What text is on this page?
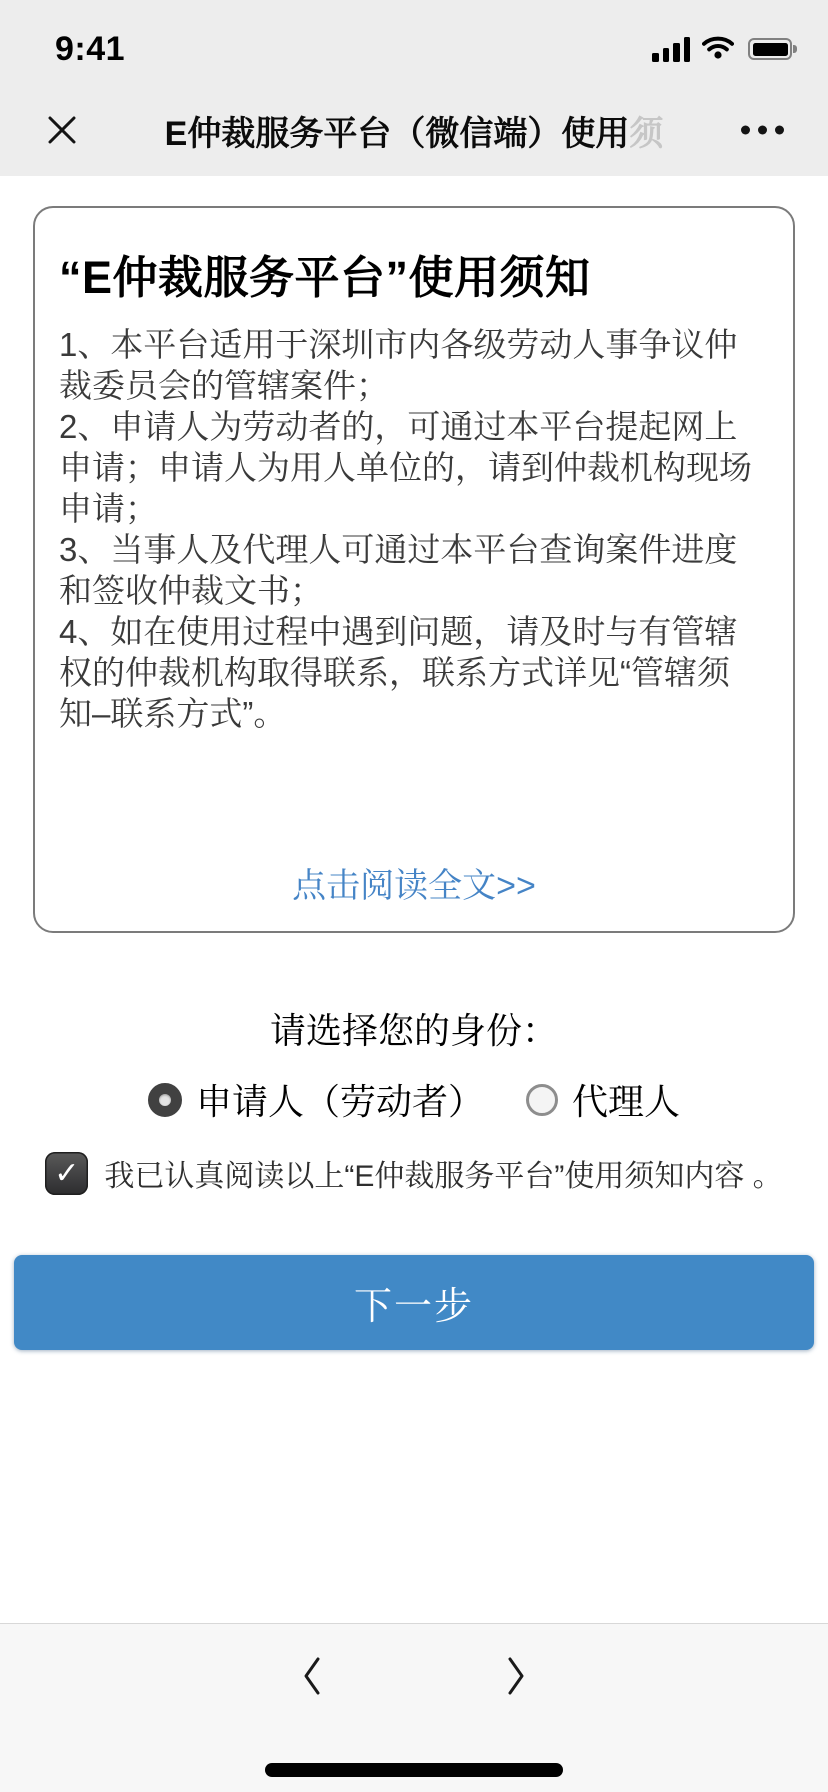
9:41
E仲裁服务平台（微信端）使用须
“E仲裁服务平台”使用须知

1、本平台适用于深圳市内各级劳动人事争议仲裁委员会的管辖案件；

2、申请人为劳动者的，可通过本平台提起网上申请；申请人为用人单位的，请到仲裁机构现场申请；

3、当事人及代理人可通过本平台查询案件进度和签收仲裁文书；

4、如在使用过程中遇到问题，请及时与有管辖权的仲裁机构取得联系，联系方式详见“管辖须知–联系方式”。

点击阅读全文>>
请选择您的身份：
申请人（劳动者） 代理人
✓ 我已认真阅读以上“E仲裁服务平台”使用须知内容 。
下一步
